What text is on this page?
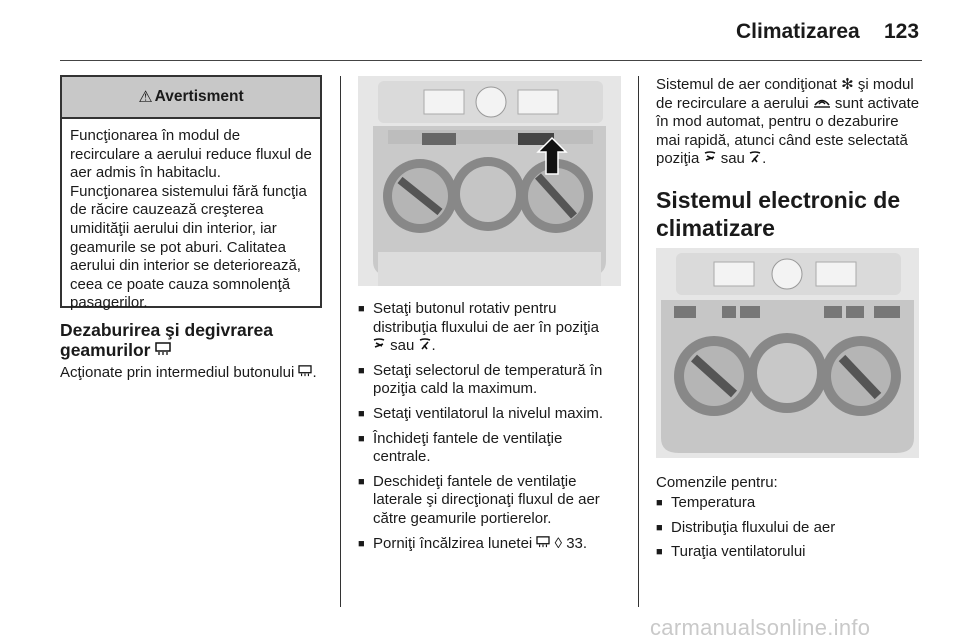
Climatizarea 123
⚠ Avertisment
Funcţionarea în modul de recirculare a aerului reduce fluxul de aer admis în habitaclu. Funcţionarea sistemului fără funcţia de răcire cauzează creşterea umidităţii aerului din interior, iar geamurile se pot aburi. Calitatea aerului din interior se deteriorează, ceea ce poate cauza somnolenţă pasagerilor.
Dezaburirea şi degivrarea geamurilor
Acţionate prin intermediul butonului .
■ Setaţi butonul rotativ pentru distribuţia fluxului de aer în poziţia
sau .
■ Setaţi selectorul de temperatură în poziţia cald la maximum.
■ Setaţi ventilatorul la nivelul maxim.
■ Închideţi fantele de ventilaţie centrale.
■ Deschideţi fantele de ventilaţie laterale şi direcţionaţi fluxul de aer către geamurile portierelor.
■ Porniţi încălzirea lunetei ◊ 33.
Sistemul de aer condiţionat ✻ şi modul de recirculare a aerului sunt activate în mod automat, pentru o dezaburire mai rapidă, atunci când este selectată poziţia sau .
Sistemul electronic de climatizare
Comenzile pentru:
■ Temperatura
■ Distribuţia fluxului de aer
■ Turaţia ventilatorului
carmanualsonline.info
